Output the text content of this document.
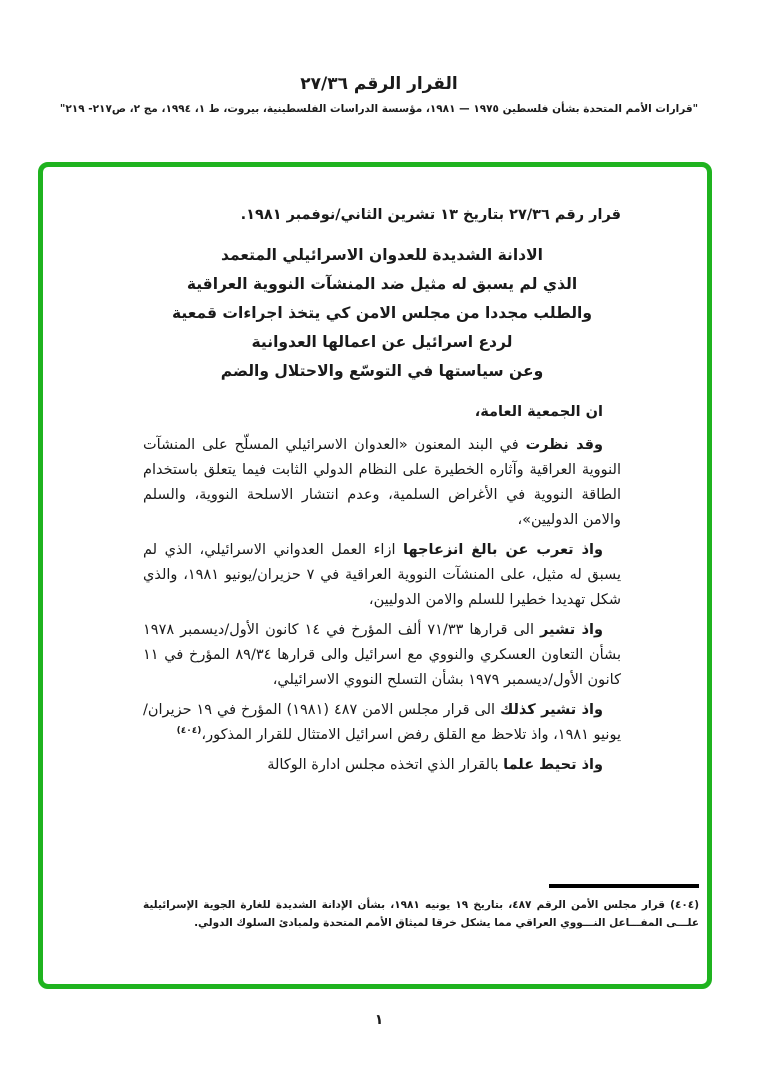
القرار الرقم ٢٧/٣٦
"قرارات الأمم المتحدة بشأن فلسطين ١٩٧٥ — ١٩٨١، مؤسسة الدراسات الفلسطينية، بيروت، ط ١، ١٩٩٤، مج ٢، ص٢١٧- ٢١٩"

قرار رقم ٢٧/٣٦ بتاريخ ١٣ تشرين الثاني/نوفمبر ١٩٨١.

الادانة الشديدة للعدوان الاسرائيلي المتعمد
الذي لم يسبق له مثيل ضد المنشآت النووية العراقية
والطلب مجددا من مجلس الامن كي يتخذ اجراءات قمعية
لردع اسرائيل عن اعمالها العدوانية
وعن سياستها في التوسّع والاحتلال والضم

ان الجمعية العامة،

وقد نظرت في البند المعنون «العدوان الاسرائيلي المسلّح على المنشآت النووية العراقية وآثاره الخطيرة على النظام الدولي الثابت فيما يتعلق باستخدام الطاقة النووية في الأغراض السلمية، وعدم انتشار الاسلحة النووية، والسلم والامن الدوليين»،

واذ تعرب عن بالغ انزعاجها ازاء العمل العدواني الاسرائيلي، الذي لم يسبق له مثيل، على المنشآت النووية العراقية في ٧ حزيران/يونيو ١٩٨١، والذي شكل تهديدا خطيرا للسلم والامن الدوليين،

واذ تشير الى قرارها ٧١/٣٣ ألف المؤرخ في ١٤ كانون الأول/ديسمبر ١٩٧٨ بشأن التعاون العسكري والنووي مع اسرائيل والى قرارها ٨٩/٣٤ المؤرخ في ١١ كانون الأول/ديسمبر ١٩٧٩ بشأن التسلح النووي الاسرائيلي،

واذ تشير كذلك الى قرار مجلس الامن ٤٨٧ (١٩٨١) المؤرخ في ١٩ حزيران/يونيو ١٩٨١، واذ تلاحظ مع القلق رفض اسرائيل الامتثال للقرار المذكور،$^{(٤٠٤)}$

واذ تحيط علما بالقرار الذي اتخذه مجلس ادارة الوكالة

(٤٠٤) قرار مجلس الأمن الرقم ٤٨٧، بتاريخ ١٩ يونيه ١٩٨١، بشأن الإدانة الشديدة للغارة الجوية الإسرائيلية علـــى المفـــاعل النـــووي العراقي مما يشكل خرقا لميثاق الأمم المتحدة ولمبادئ السلوك الدولي.
١
